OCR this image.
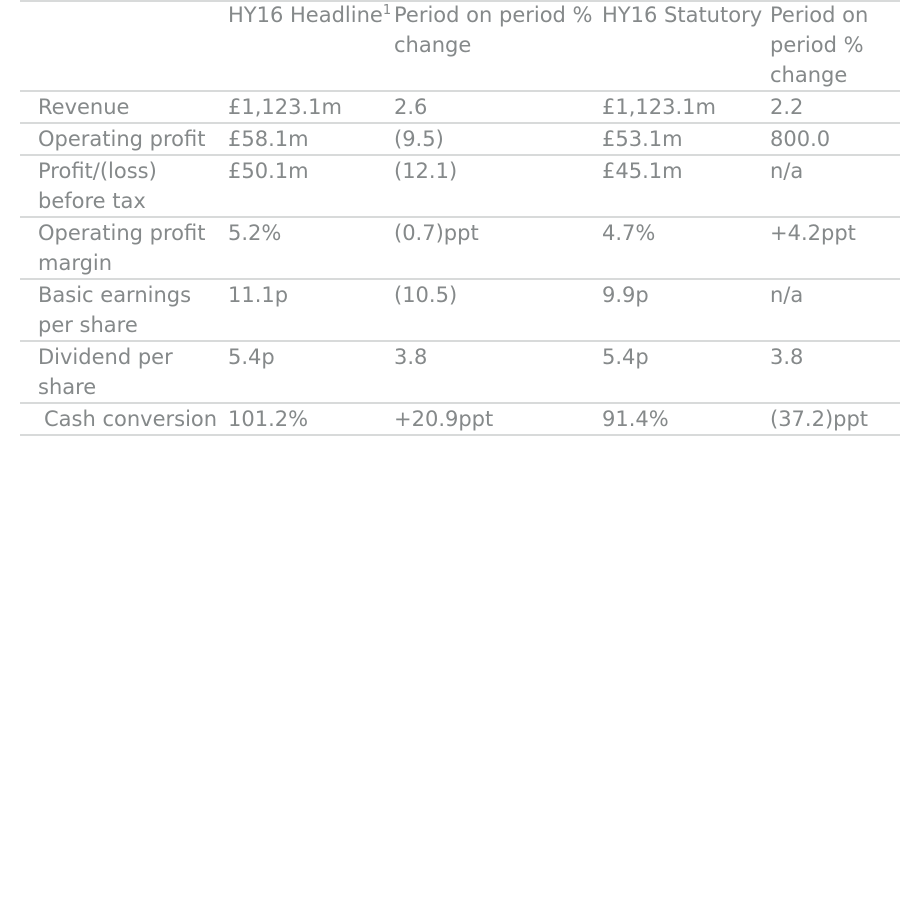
	HY16 Headline$^1$	Period on period % change	HY16 Statutory	Period on period % change
Revenue	£1,123.1m	2.6	£1,123.1m	2.2
Operating profit	£58.1m	(9.5)	£53.1m	800.0
Profit/(loss) before tax	£50.1m	(12.1)	£45.1m	n/a
Operating profit margin	5.2%	(0.7)ppt	4.7%	+4.2ppt
Basic earnings per share	11.1p	(10.5)	9.9p	n/a
Dividend per share	5.4p	3.8	5.4p	3.8
Cash conversion	101.2%	+20.9ppt	91.4%	(37.2)ppt
